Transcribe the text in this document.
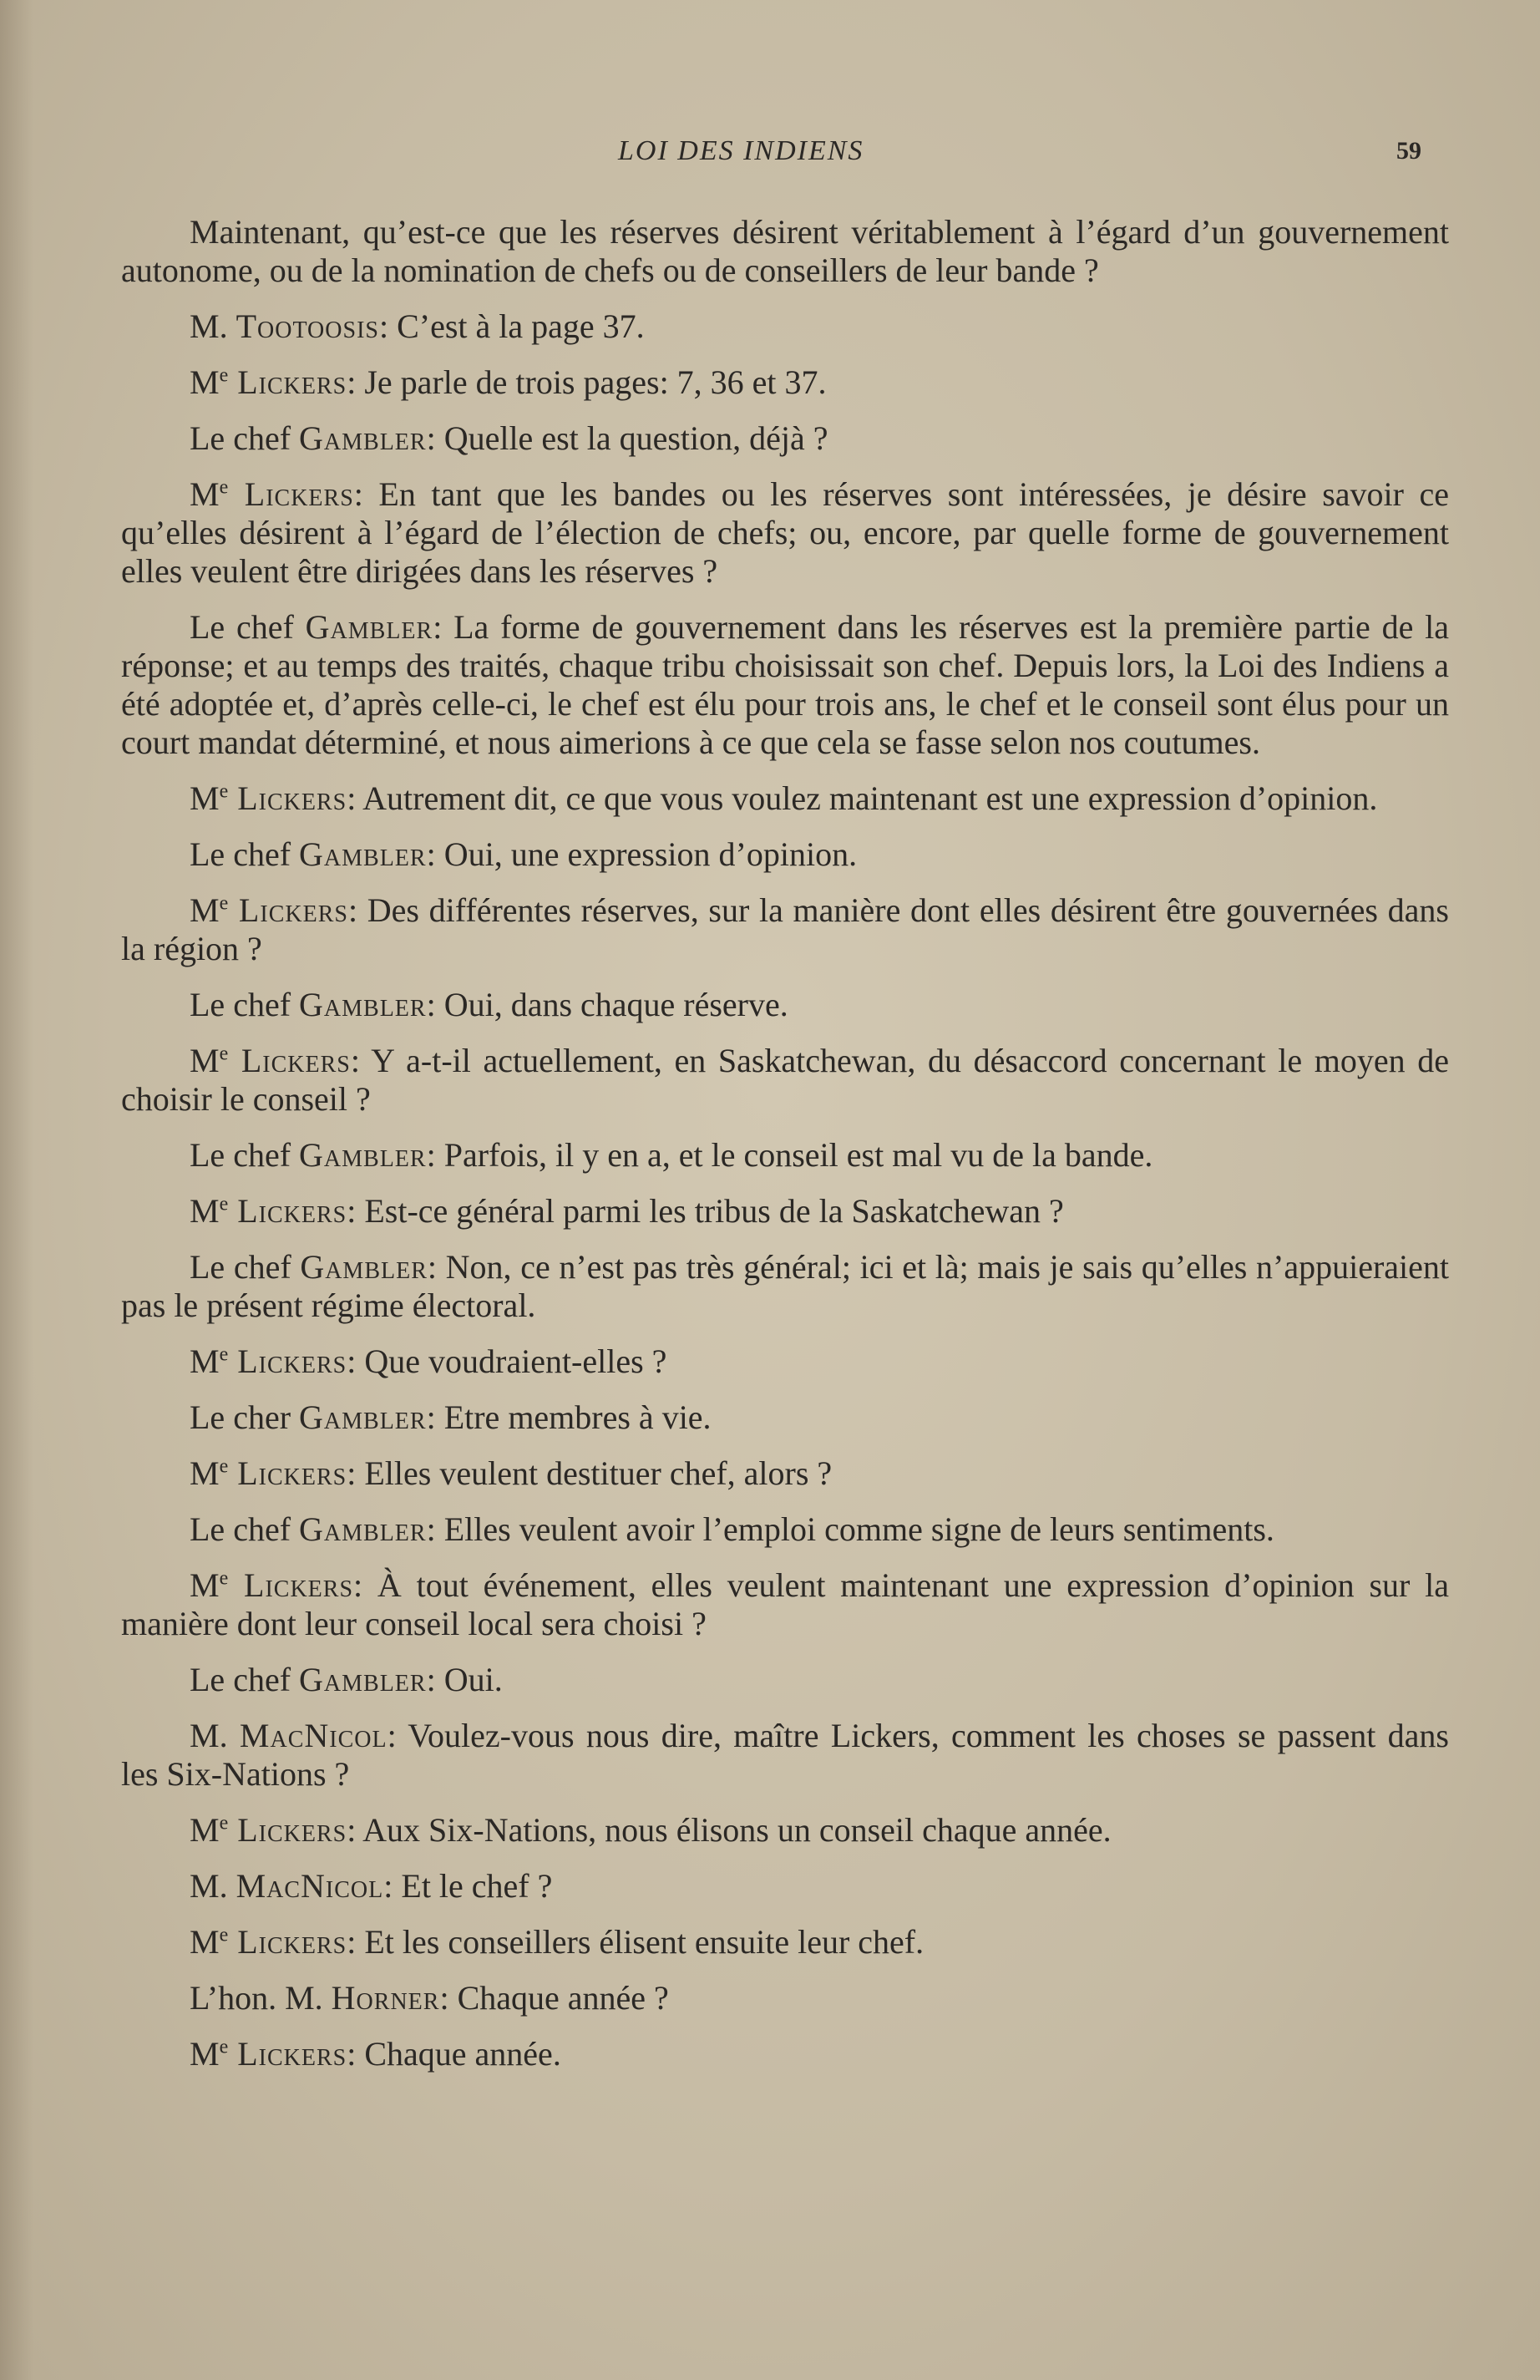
LOI DES INDIENS	59

Maintenant, qu’est-ce que les réserves désirent véritablement à l’égard d’un gouvernement autonome, ou de la nomination de chefs ou de conseillers de leur bande ?

M. Tootoosis: C’est à la page 37.

Me Lickers: Je parle de trois pages: 7, 36 et 37.

Le chef Gambler: Quelle est la question, déjà ?

Me Lickers: En tant que les bandes ou les réserves sont intéressées, je désire savoir ce qu’elles désirent à l’égard de l’élection de chefs; ou, encore, par quelle forme de gouvernement elles veulent être dirigées dans les réserves ?

Le chef Gambler: La forme de gouvernement dans les réserves est la première partie de la réponse; et au temps des traités, chaque tribu choisissait son chef. Depuis lors, la Loi des Indiens a été adoptée et, d’après celle-ci, le chef est élu pour trois ans, le chef et le conseil sont élus pour un court mandat déterminé, et nous aimerions à ce que cela se fasse selon nos coutumes.

Me Lickers: Autrement dit, ce que vous voulez maintenant est une expression d’opinion.

Le chef Gambler: Oui, une expression d’opinion.

Me Lickers: Des différentes réserves, sur la manière dont elles désirent être gouvernées dans la région ?

Le chef Gambler: Oui, dans chaque réserve.

Me Lickers: Y a-t-il actuellement, en Saskatchewan, du désaccord concernant le moyen de choisir le conseil ?

Le chef Gambler: Parfois, il y en a, et le conseil est mal vu de la bande.

Me Lickers: Est-ce général parmi les tribus de la Saskatchewan ?

Le chef Gambler: Non, ce n’est pas très général; ici et là; mais je sais qu’elles n’appuieraient pas le présent régime électoral.

Me Lickers: Que voudraient-elles ?

Le cher Gambler: Etre membres à vie.

Me Lickers: Elles veulent destituer chef, alors ?

Le chef Gambler: Elles veulent avoir l’emploi comme signe de leurs sentiments.

Me Lickers: À tout événement, elles veulent maintenant une expression d’opinion sur la manière dont leur conseil local sera choisi ?

Le chef Gambler: Oui.

M. MacNicol: Voulez-vous nous dire, maître Lickers, comment les choses se passent dans les Six-Nations ?

Me Lickers: Aux Six-Nations, nous élisons un conseil chaque année.

M. MacNicol: Et le chef ?

Me Lickers: Et les conseillers élisent ensuite leur chef.

L’hon. M. Horner: Chaque année ?

Me Lickers: Chaque année.
